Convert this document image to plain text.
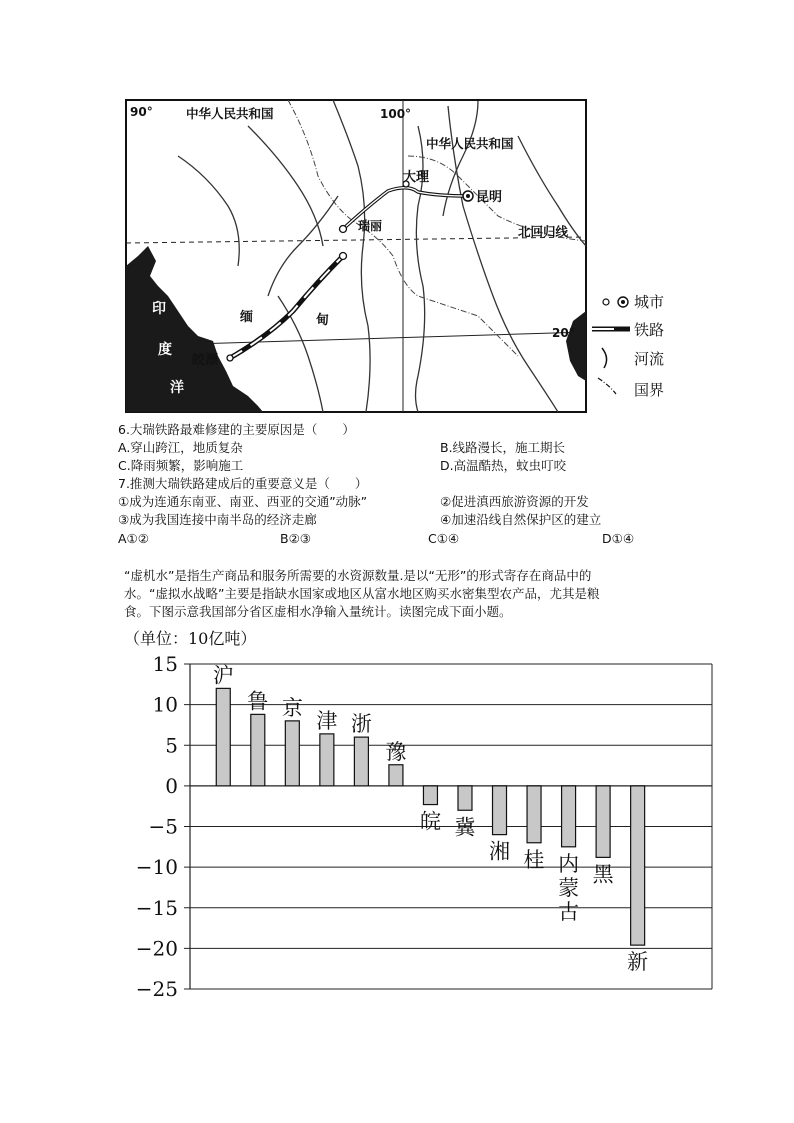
90°	中华人民共和国	100°
中华人民共和国
大理
昆明
瑞丽	北回归线
20°
缅	甸
皎漂
印
度
洋
城市
铁路
河流
国界
6.大瑞铁路最难修建的主要原因是（　　）
A.穿山跨江，地质复杂	B.线路漫长，施工期长
C.降雨频繁，影响施工	D.高温酷热，蚊虫叮咬
7.推测大瑞铁路建成后的重要意义是（　　）
①成为连通东南亚、南亚、西亚的交通”动脉”	②促进滇西旅游资源的开发
③成为我国连接中南半岛的经济走廊	④加速沿线自然保护区的建立
A①②	B②③	C①④	D①④
“虚机水”是指生产商品和服务所需要的水资源数量.是以“无形”的形式寄存在商品中的
水。“虚拟水战略”主要是指缺水国家或地区从富水地区购买水密集型农产品，尤其是粮
食。下图示意我国部分省区虚相水净输入量统计。读图完成下面小题。
（单位：10亿吨）
15
10
5
0
−5
−10
−15
−20
−25
沪
鲁 京
津 浙
豫
皖 冀
湘 桂 内
蒙
古
黑
新
